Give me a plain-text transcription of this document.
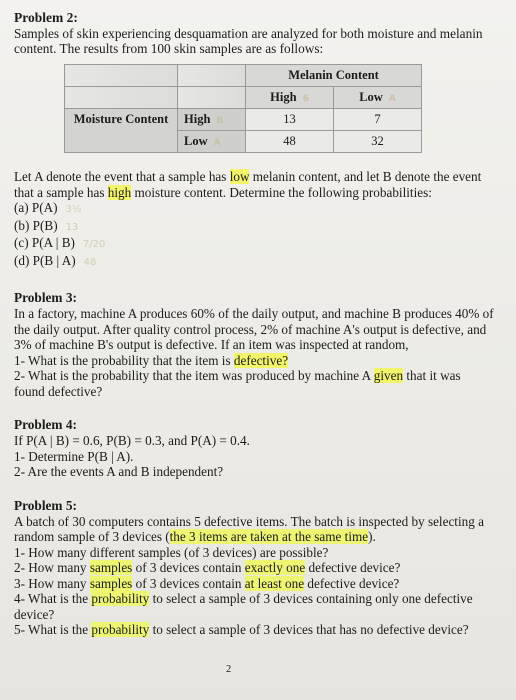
Problem 2:

Samples of skin experiencing desquamation are analyzed for both moisture and melanin content. The results from 100 skin samples are as follows:

		Melanin Content	
		High 6	Low A
Moisture Content	High B	13	7
	Low A	48	32
Let A denote the event that a sample has low melanin content, and let B denote the event that a sample has high moisture content. Determine the following probabilities:
(a) P(A) 3½
(b) P(B) 13
(c) P(A | B) 7/20
(d) P(B | A) 48
Problem 3:

In a factory, machine A produces 60% of the daily output, and machine B produces 40% of the daily output. After quality control process, 2% of machine A's output is defective, and 3% of machine B's output is defective. If an item was inspected at random,

1- What is the probability that the item is defective?

2- What is the probability that the item was produced by machine A given that it was found defective?

Problem 4:

If P(A | B) = 0.6, P(B) = 0.3, and P(A) = 0.4.

1- Determine P(B | A).

2- Are the events A and B independent?

Problem 5:

A batch of 30 computers contains 5 defective items. The batch is inspected by selecting a random sample of 3 devices (the 3 items are taken at the same time).

1- How many different samples (of 3 devices) are possible?

2- How many samples of 3 devices contain exactly one defective device?

3- How many samples of 3 devices contain at least one defective device?

4- What is the probability to select a sample of 3 devices containing only one defective device?

5- What is the probability to select a sample of 3 devices that has no defective device?

2
